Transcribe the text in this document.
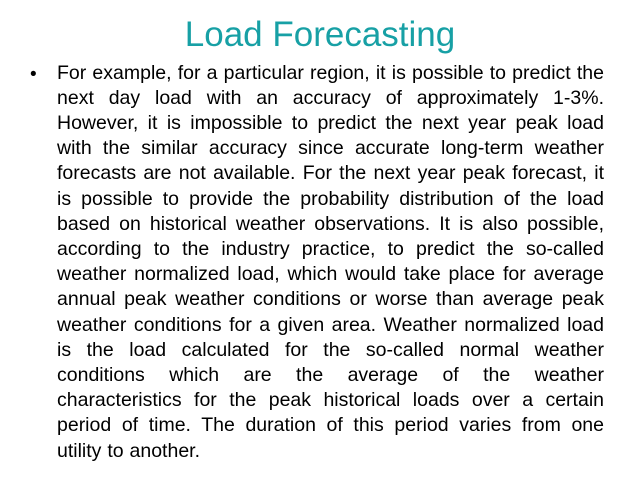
Load Forecasting
•	For example, for a particular region, it is possible to predict the next day load with an accuracy of approximately 1-3%. However, it is impossible to predict the next year peak load with the similar accuracy since accurate long-term weather forecasts are not available. For the next year peak forecast, it is possible to provide the probability distribution of the load based on historical weather observations. It is also possible, according to the industry practice, to predict the so-called weather normalized load, which would take place for average annual peak weather conditions or worse than average peak weather conditions for a given area. Weather normalized load is the load calculated for the so-called normal weather conditions which are the average of the weather characteristics for the peak historical loads over a certain period of time. The duration of this period varies from one utility to another.
